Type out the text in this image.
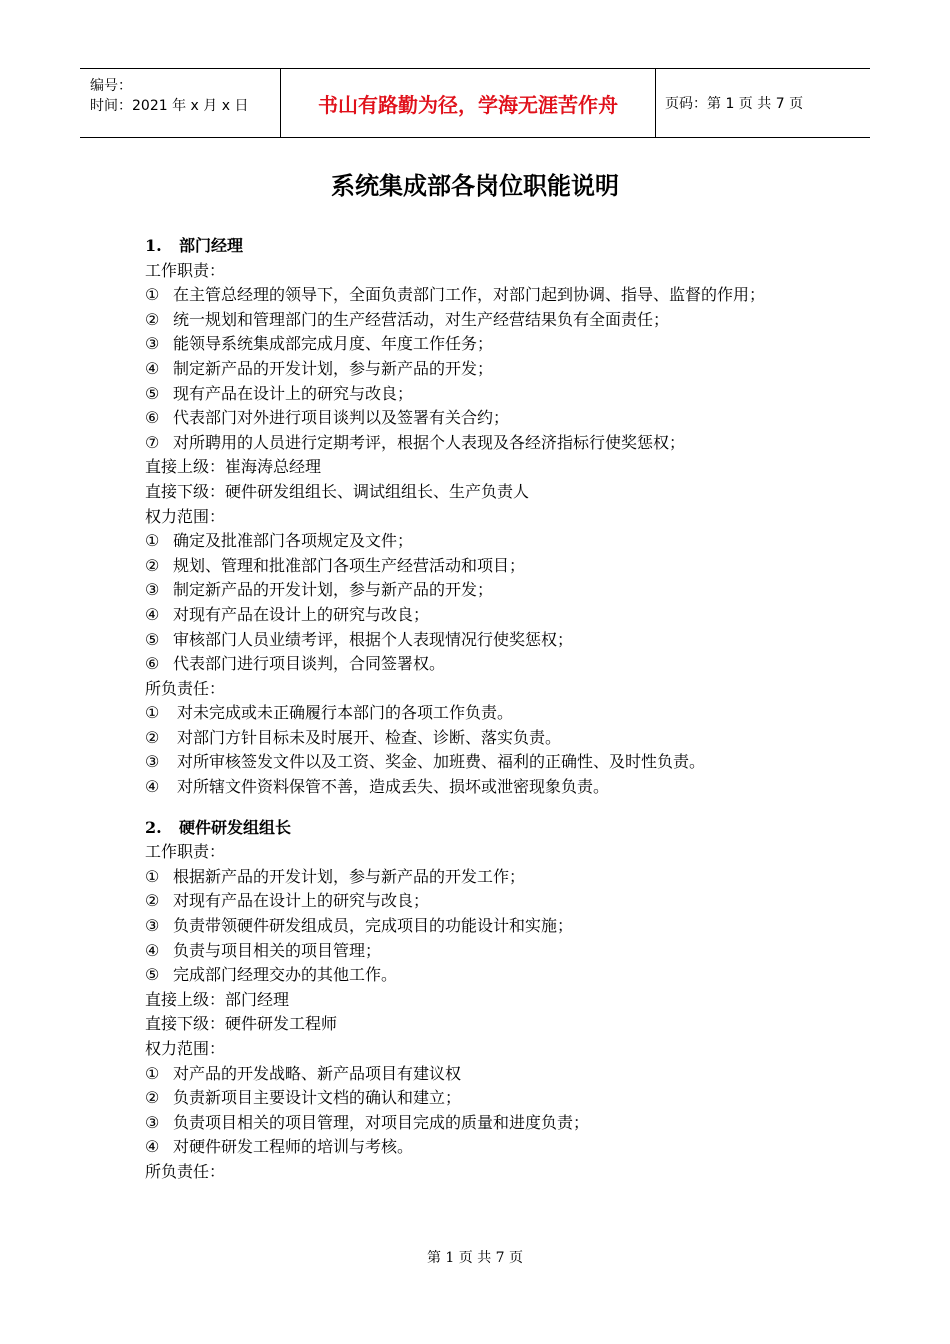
编号：
时间：2021 年 x 月 x 日	书山有路勤为径，学海无涯苦作舟	页码：第 1 页 共 7 页
系统集成部各岗位职能说明
1. 部门经理
工作职责：
① 在主管总经理的领导下，全面负责部门工作，对部门起到协调、指导、监督的作用；
② 统一规划和管理部门的生产经营活动，对生产经营结果负有全面责任；
③ 能领导系统集成部完成月度、年度工作任务；
④ 制定新产品的开发计划，参与新产品的开发；
⑤ 现有产品在设计上的研究与改良；
⑥ 代表部门对外进行项目谈判以及签署有关合约；
⑦ 对所聘用的人员进行定期考评，根据个人表现及各经济指标行使奖惩权；
直接上级：崔海涛总经理
直接下级：硬件研发组组长、调试组组长、生产负责人
权力范围：
① 确定及批准部门各项规定及文件；
② 规划、管理和批准部门各项生产经营活动和项目；
③ 制定新产品的开发计划，参与新产品的开发；
④ 对现有产品在设计上的研究与改良；
⑤ 审核部门人员业绩考评，根据个人表现情况行使奖惩权；
⑥ 代表部门进行项目谈判，合同签署权。
所负责任：
①	对未完成或未正确履行本部门的各项工作负责。
②	对部门方针目标未及时展开、检查、诊断、落实负责。
③	对所审核签发文件以及工资、奖金、加班费、福利的正确性、及时性负责。
④	对所辖文件资料保管不善，造成丢失、损坏或泄密现象负责。
2. 硬件研发组组长
工作职责：
① 根据新产品的开发计划，参与新产品的开发工作；
② 对现有产品在设计上的研究与改良；
③ 负责带领硬件研发组成员，完成项目的功能设计和实施；
④ 负责与项目相关的项目管理；
⑤ 完成部门经理交办的其他工作。
直接上级：部门经理
直接下级：硬件研发工程师
权力范围：
① 对产品的开发战略、新产品项目有建议权
② 负责新项目主要设计文档的确认和建立；
③ 负责项目相关的项目管理，对项目完成的质量和进度负责；
④ 对硬件研发工程师的培训与考核。
所负责任：
第 1 页 共 7 页
